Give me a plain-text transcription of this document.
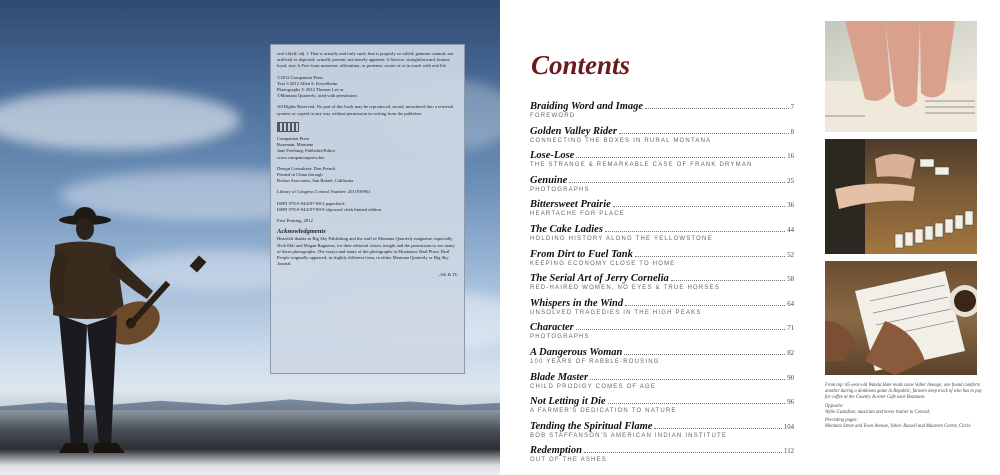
real /rē(ə)l/ adj. 1 That is actually and truly such; that is properly so called; genuine; natural, not artificial or depicted; actually present, not merely apparent. 6 Sincere, straightforward, honest; loyal, true. b Free from nonsense, affectation, or pretense; aware of or in touch with real life.

©2012 Companion Press
Text ©2012 Allen S. Kesselheim
Photographs © 2012 Thomas Lee or
©Montana Quarterly, used with permission.

All Rights Reserved. No part of this book may be reproduced, stored, introduced into a retrieval system, or copied in any way without permission in writing from the publisher.

Companion Press
Bozeman, Montana
Jane Freeburg, Publisher/Editor
www.companionpress.biz

Design Consultant: Don French
Printed in China through
Bolton Associates, San Rafael, California

Library of Congress Control Number: 2011939961

ISBN 978-0-944197-88-2 paperback
ISBN 978-0-944197-89-9 slipcased cloth limited edition

First Printing, 2012

Acknowledgments

Heartfelt thanks to Big Sky Publishing and the staff of Montana Quarterly magazine, especially Nick Ehli and Megan Ragnetus, for their editorial vision, insight and the permission to use many of these photographs. The essays and many of the photographs in Montanan: Real Place, Real People originally appeared, in slightly different form, in either Montana Quarterly or Big Sky Journal.

–AK & TL

Contents
Braiding Word and Image	7
FOREWORD
Golden Valley Rider	8
CONNECTING THE BOXES IN RURAL MONTANA
Lose-Lose	16
THE STRANGE & REMARKABLE CASE OF FRANK DRYMAN
Genuine	25
PHOTOGRAPHS
Bittersweet Prairie	36
HEARTACHE FOR PLACE
The Cake Ladies	44
HOLDING HISTORY ALONG THE YELLOWSTONE
From Dirt to Fuel Tank	52
KEEPING ECONOMY CLOSE TO HOME
The Serial Art of Jerry Cornelia	58
RED-HAIRED WOMEN, NO EYES & TRUE HORSES
Whispers in the Wind	64
UNSOLVED TRAGEDIES IN THE HIGH PEAKS
Character	71
PHOTOGRAPHS
A Dangerous Woman	82
100 YEARS OF RABBLE-ROUSING
Blade Master	90
CHILD PRODIGY COMES OF AGE
Not Letting it Die	96
A FARMER'S DEDICATION TO NATURE
Tending the Spiritual Flame	104
BOB STAFFANSON'S AMERICAN INDIAN INSTITUTE
Redemption	112
OUT OF THE ASHES

From top: 85-year-old Wanda Hale reads some Valier lineage; one found comforts another during a dominoes game in Republic; farmers keep track of who has to pay for coffee at the Country Korner Cafe near Bozeman.

Opposite:
Wylie Gustafson, musician and horse trainer in Conrad.

Preceding pages:
Montana Street and Town Avenue, Valier. Russell and Maureen Cortez, Circle.
